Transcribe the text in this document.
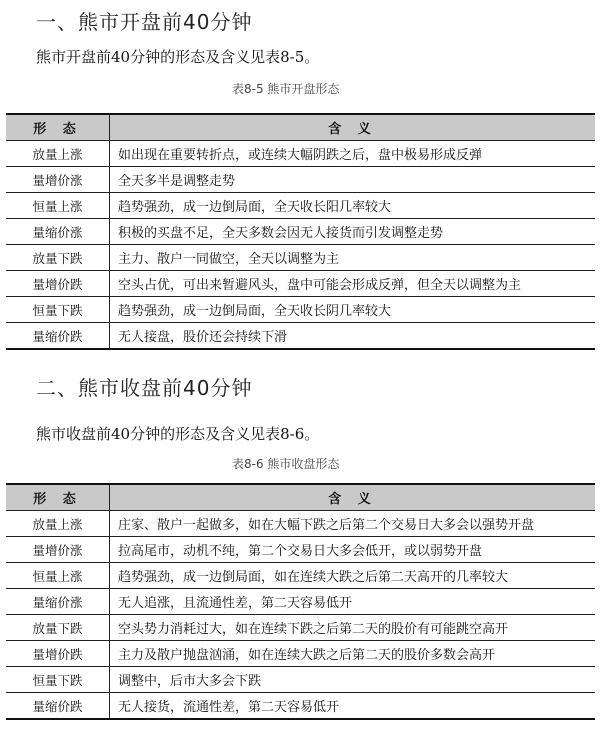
一、熊市开盘前40分钟
熊市开盘前40分钟的形态及含义见表8-5。
表8-5 熊市开盘形态
形 态	含 义
放量上涨	如出现在重要转折点，或连续大幅阴跌之后，盘中极易形成反弹
量增价涨	全天多半是调整走势
恒量上涨	趋势强劲，成一边倒局面，全天收长阳几率较大
量缩价涨	积极的买盘不足，全天多数会因无人接货而引发调整走势
放量下跌	主力、散户一同做空，全天以调整为主
量增价跌	空头占优，可出来暂避风头，盘中可能会形成反弹，但全天以调整为主
恒量下跌	趋势强劲，成一边倒局面，全天收长阴几率较大
量缩价跌	无人接盘，股价还会持续下滑
二、熊市收盘前40分钟
熊市收盘前40分钟的形态及含义见表8-6。
表8-6 熊市收盘形态
形 态	含 义
放量上涨	庄家、散户一起做多，如在大幅下跌之后第二个交易日大多会以强势开盘
量增价涨	拉高尾市，动机不纯，第二个交易日大多会低开，或以弱势开盘
恒量上涨	趋势强劲，成一边倒局面，如在连续大跌之后第二天高开的几率较大
量缩价涨	无人追涨，且流通性差，第二天容易低开
放量下跌	空头势力消耗过大，如在连续下跌之后第二天的股价有可能跳空高开
量增价跌	主力及散户抛盘汹涌，如在连续大跌之后第二天的股价多数会高开
恒量下跌	调整中，后市大多会下跌
量缩价跌	无人接货，流通性差，第二天容易低开
